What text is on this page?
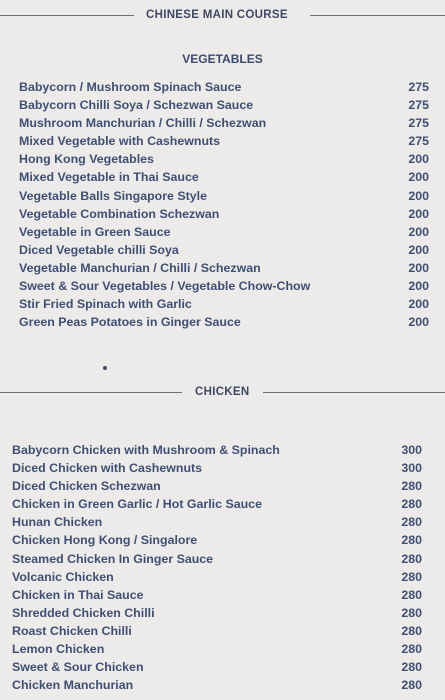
CHINESE MAIN COURSE
VEGETABLES
Babycorn / Mushroom Spinach Sauce	275
Babycorn Chilli Soya / Schezwan Sauce	275
Mushroom Manchurian / Chilli / Schezwan	275
Mixed Vegetable with Cashewnuts	275
Hong Kong Vegetables	200
Mixed Vegetable in Thai Sauce	200
Vegetable Balls Singapore Style	200
Vegetable Combination Schezwan	200
Vegetable in Green Sauce	200
Diced Vegetable chilli Soya	200
Vegetable Manchurian / Chilli / Schezwan	200
Sweet & Sour Vegetables / Vegetable Chow-Chow	200
Stir Fried Spinach with Garlic	200
Green Peas Potatoes in Ginger Sauce	200
CHICKEN
Babycorn Chicken with Mushroom & Spinach	300
Diced Chicken with Cashewnuts	300
Diced Chicken Schezwan	280
Chicken in Green Garlic / Hot Garlic Sauce	280
Hunan Chicken	280
Chicken Hong Kong / Singalore	280
Steamed Chicken In Ginger Sauce	280
Volcanic Chicken	280
Chicken in Thai Sauce	280
Shredded Chicken Chilli	280
Roast Chicken Chilli	280
Lemon Chicken	280
Sweet & Sour Chicken	280
Chicken Manchurian	280
